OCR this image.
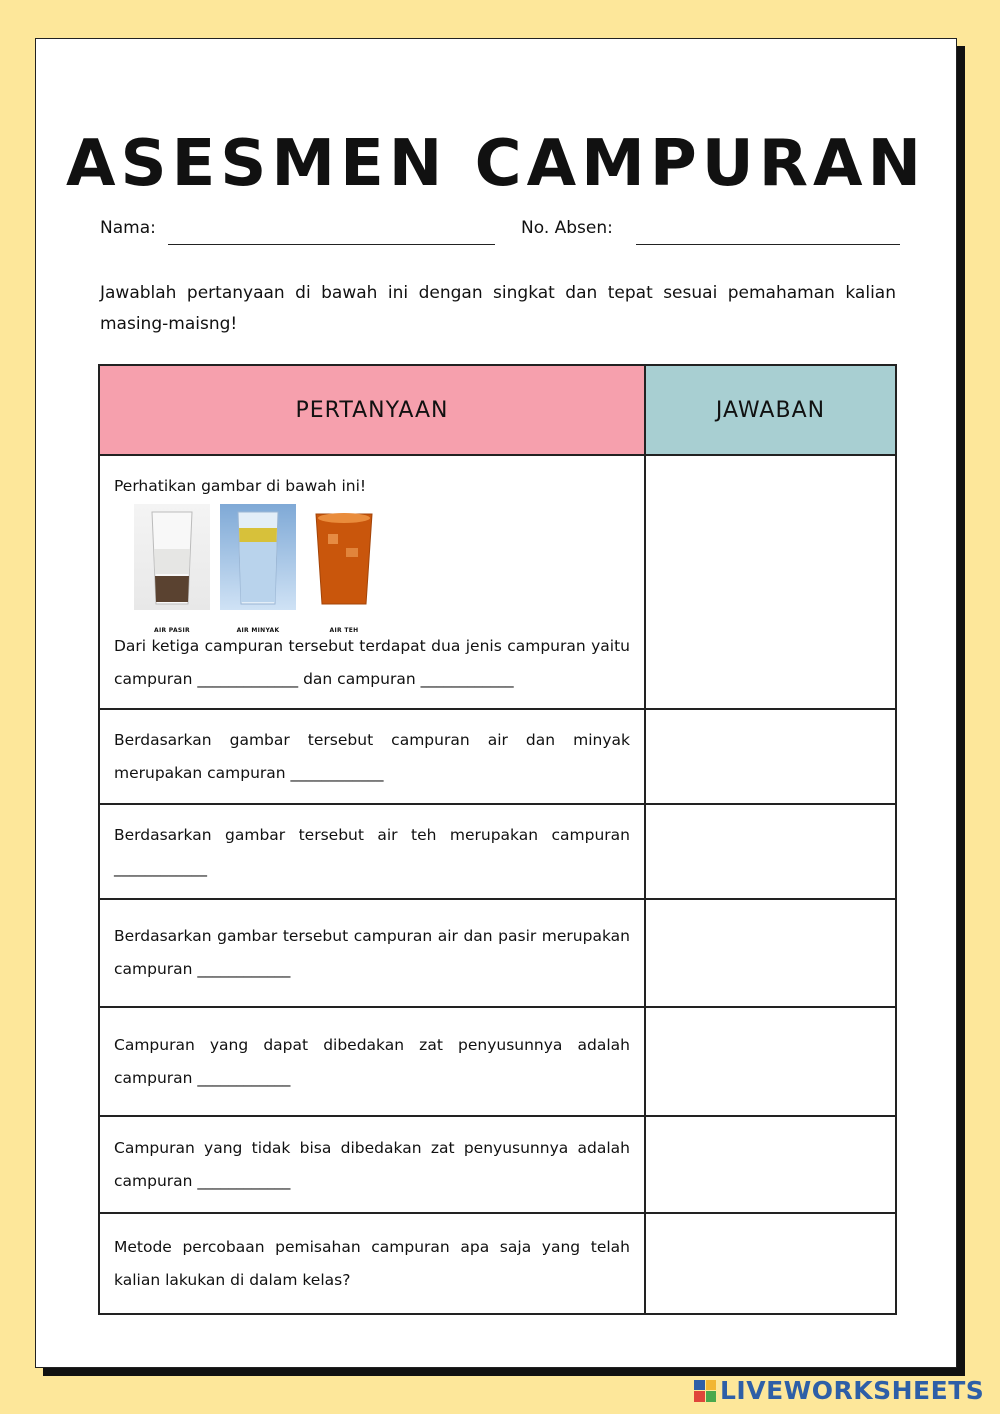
ASESMEN CAMPURAN
Nama:	No. Absen:

Jawablah pertanyaan di bawah ini dengan singkat dan tepat sesuai pemahaman kalian masing-maisng!

PERTANYAAN	JAWABAN

Perhatikan gambar di bawah ini!
AIR PASIR AIR MINYAK AIR TEH
Dari ketiga campuran tersebut terdapat dua jenis campuran yaitu campuran _____________ dan campuran ____________	

Berdasarkan gambar tersebut campuran air dan minyak merupakan campuran ____________	
Berdasarkan gambar tersebut air teh merupakan campuran ____________	
Berdasarkan gambar tersebut campuran air dan pasir merupakan campuran ____________	
Campuran yang dapat dibedakan zat penyusunnya adalah campuran ____________	
Campuran yang tidak bisa dibedakan zat penyusunnya adalah campuran ____________	
Metode percobaan pemisahan campuran apa saja yang telah kalian lakukan di dalam kelas?	
LIVEWORKSHEETS
